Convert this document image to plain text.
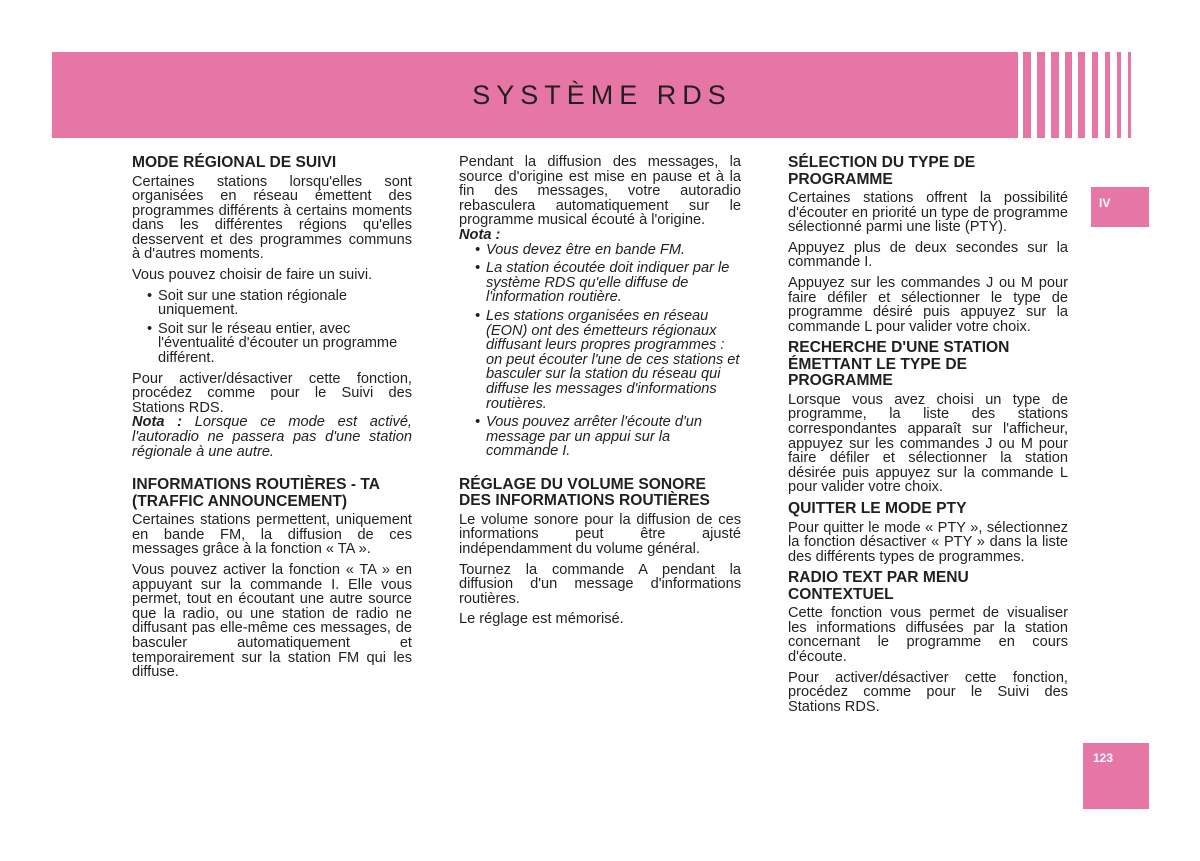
SYSTÈME RDS
IV
123
MODE RÉGIONAL DE SUIVI

Certaines stations lorsqu'elles sont organisées en réseau émettent des programmes différents à certains moments dans les différentes régions qu'elles desservent et des programmes communs à d'autres moments.

Vous pouvez choisir de faire un suivi.

• Soit sur une station régionale uniquement.
• Soit sur le réseau entier, avec l'éventualité d'écouter un programme différent.

Pour activer/désactiver cette fonction, procédez comme pour le Suivi des Stations RDS.

Nota : Lorsque ce mode est activé, l'autoradio ne passera pas d'une station régionale à une autre.

INFORMATIONS ROUTIÈRES - TA (TRAFFIC ANNOUNCEMENT)

Certaines stations permettent, uniquement en bande FM, la diffusion de ces messages grâce à la fonction « TA ».

Vous pouvez activer la fonction « TA » en appuyant sur la commande I. Elle vous permet, tout en écoutant une autre source que la radio, ou une station de radio ne diffusant pas elle-même ces messages, de basculer automatiquement et temporairement sur la station FM qui les diffuse.

Pendant la diffusion des messages, la source d'origine est mise en pause et à la fin des messages, votre autoradio rebasculera automatiquement sur le programme musical écouté à l'origine.

Nota :

• Vous devez être en bande FM.
• La station écoutée doit indiquer par le système RDS qu'elle diffuse de l'information routière.
• Les stations organisées en réseau (EON) ont des émetteurs régionaux diffusant leurs propres programmes : on peut écouter l'une de ces stations et basculer sur la station du réseau qui diffuse les messages d'informations routières.
• Vous pouvez arrêter l'écoute d'un message par un appui sur la commande I.
RÉGLAGE DU VOLUME SONORE DES INFORMATIONS ROUTIÈRES

Le volume sonore pour la diffusion de ces informations peut être ajusté indépendamment du volume général.

Tournez la commande A pendant la diffusion d'un message d'informations routières.

Le réglage est mémorisé.

SÉLECTION DU TYPE DE PROGRAMME

Certaines stations offrent la possibilité d'écouter en priorité un type de programme sélectionné parmi une liste (PTY).

Appuyez plus de deux secondes sur la commande I.

Appuyez sur les commandes J ou M pour faire défiler et sélectionner le type de programme désiré puis appuyez sur la commande L pour valider votre choix.

RECHERCHE D'UNE STATION ÉMETTANT LE TYPE DE PROGRAMME

Lorsque vous avez choisi un type de programme, la liste des stations correspondantes apparaît sur l'afficheur, appuyez sur les commandes J ou M pour faire défiler et sélectionner la station désirée puis appuyez sur la commande L pour valider votre choix.

QUITTER LE MODE PTY

Pour quitter le mode « PTY », sélectionnez la fonction désactiver « PTY » dans la liste des différents types de programmes.

RADIO TEXT PAR MENU CONTEXTUEL

Cette fonction vous permet de visualiser les informations diffusées par la station concernant le programme en cours d'écoute.

Pour activer/désactiver cette fonction, procédez comme pour le Suivi des Stations RDS.
